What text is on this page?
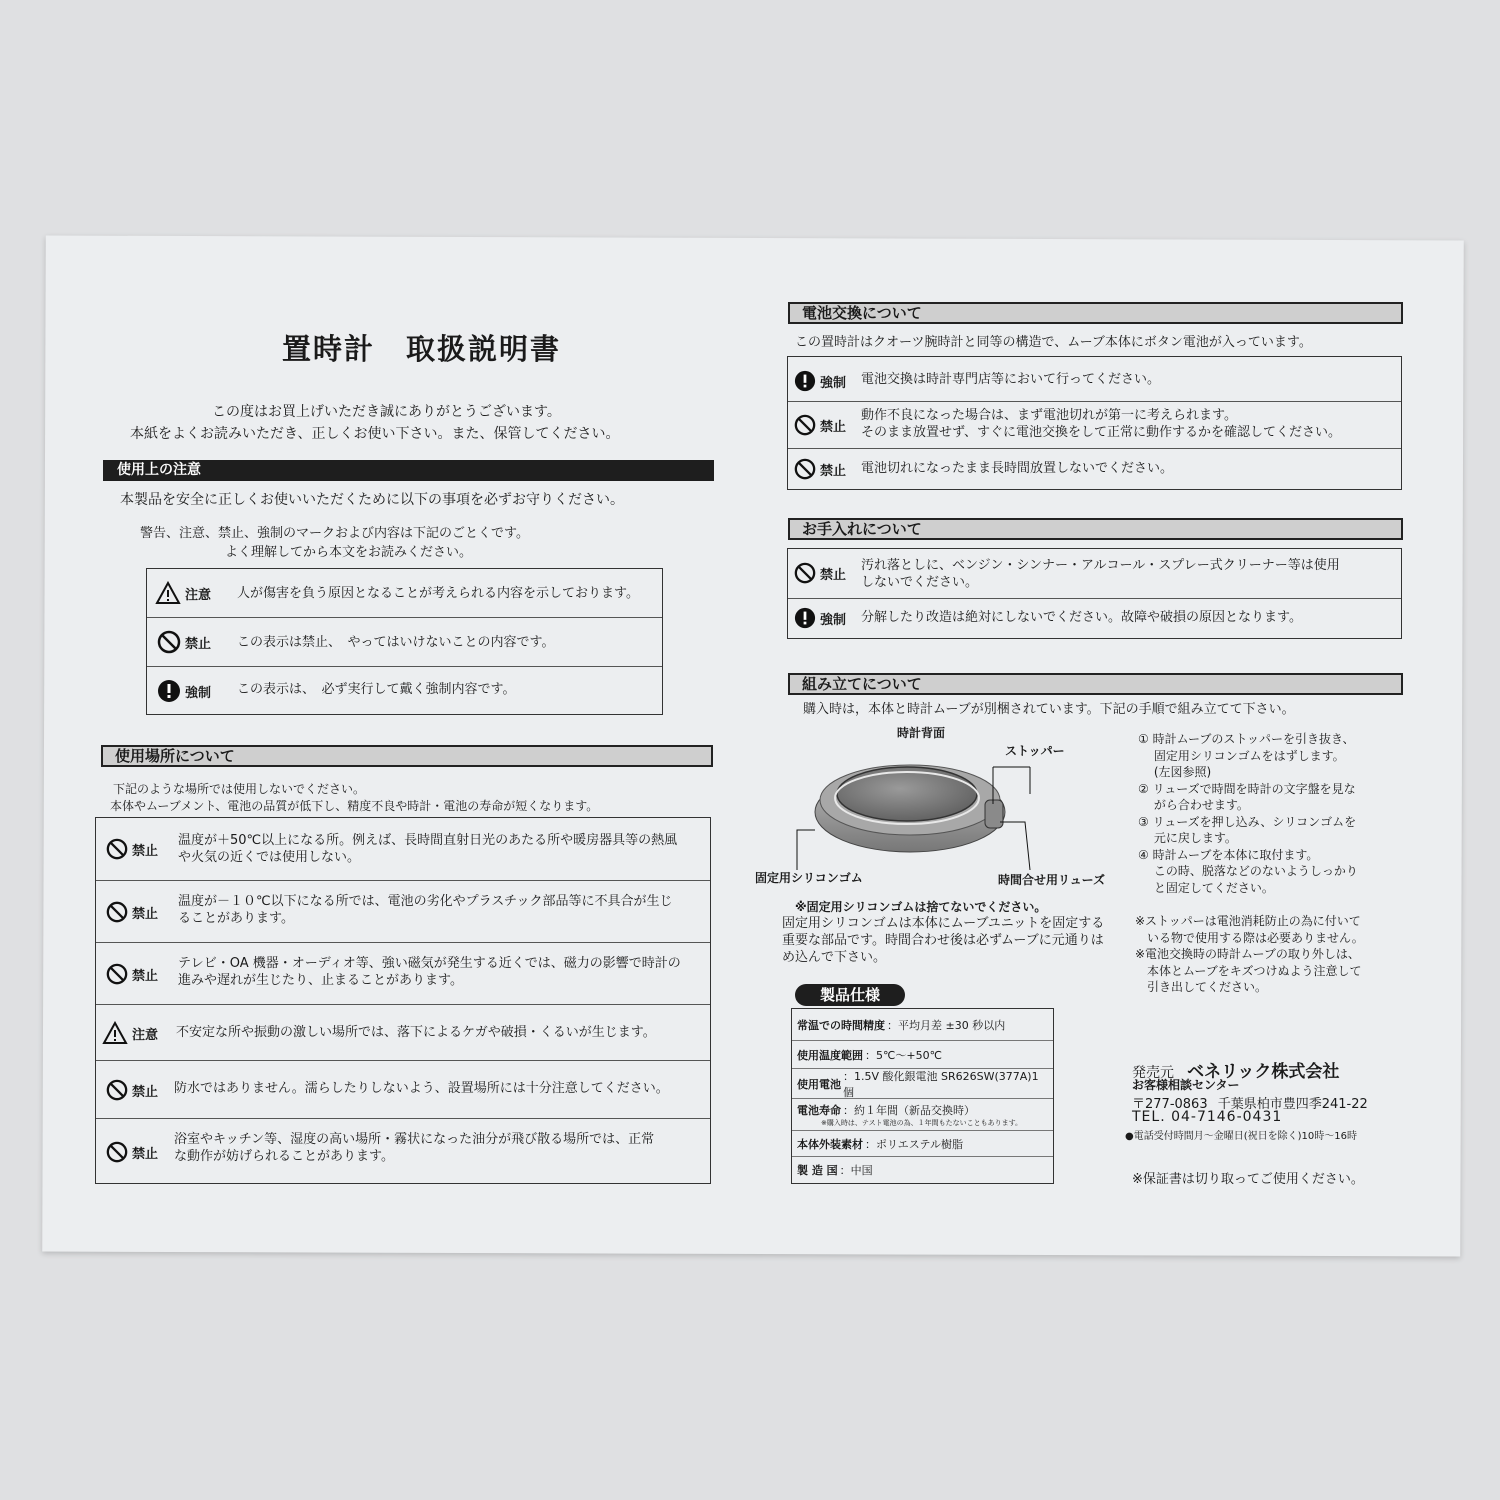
置時計　取扱説明書
この度はお買上げいただき誠にありがとうございます。
本紙をよくお読みいただき、正しくお使い下さい。また、保管してください。
使用上の注意
本製品を安全に正しくお使いいただくために以下の事項を必ずお守りください。
警告、注意、禁止、強制のマークおよび内容は下記のごとくです。
よく理解してから本文をお読みください。
注意 人が傷害を負う原因となることが考えられる内容を示しております。
禁止 この表示は禁止、　やってはいけないことの内容です。
強制 この表示は、　必ず実行して戴く強制内容です。
使用場所について
下記のような場所では使用しないでください。
本体やムーブメント、電池の品質が低下し、精度不良や時計・電池の寿命が短くなります。
禁止
温度が＋50℃以上になる所。例えば、長時間直射日光のあたる所や暖房器具等の熱風
や火気の近くでは使用しない。
禁止
温度が－１０℃以下になる所では、電池の劣化やプラスチック部品等に不具合が生じ
ることがあります。
禁止
テレビ・OA 機器・オーディオ等、強い磁気が発生する近くでは、磁力の影響で時計の
進みや遅れが生じたり、止まることがあります。
注意 不安定な所や振動の激しい場所では、落下によるケガや破損・くるいが生じます。
禁止 防水ではありません。濡らしたりしないよう、設置場所には十分注意してください。
禁止
浴室やキッチン等、湿度の高い場所・霧状になった油分が飛び散る場所では、正常
な動作が妨げられることがあります。
電池交換について
この置時計はクオーツ腕時計と同等の構造で、ムーブ本体にボタン電池が入っています。
強制 電池交換は時計専門店等において行ってください。
禁止
動作不良になった場合は、まず電池切れが第一に考えられます。
そのまま放置せず、すぐに電池交換をして正常に動作するかを確認してください。
禁止 電池切れになったまま長時間放置しないでください。
お手入れについて
禁止
汚れ落としに、ベンジン・シンナー・アルコール・スプレー式クリーナー等は使用
しないでください。
強制 分解したり改造は絶対にしないでください。故障や破損の原因となります。
組み立てについて
購入時は，本体と時計ムーブが別梱されています。下記の手順で組み立てて下さい。
時計背面
ストッパー
固定用シリコンゴム	時間合せ用リューズ
※固定用シリコンゴムは捨てないでください。
固定用シリコンゴムは本体にムーブユニットを固定する
重要な部品です。時間合わせ後は必ずムーブに元通りは
め込んで下さい。
① 時計ムーブのストッパーを引き抜き、
　 固定用シリコンゴムをはずします。
　 (左図参照)
② リューズで時間を時計の文字盤を見な
　 がら合わせます。
③ リューズを押し込み、シリコンゴムを
　 元に戻します。
④ 時計ムーブを本体に取付ます。
　 この時、脱落などのないようしっかり
　 と固定してください。
※ストッパーは電池消耗防止の為に付いて
　いる物で使用する際は必要ありません。
※電池交換時の時計ムーブの取り外しは、
　本体とムーブをキズつけぬよう注意して
　引き出してください。
製品仕様
常温での時間精度 ：平均月差 ±30 秒以内
使用温度範囲 ：5℃～+50℃
使用電池
：1.5V 酸化銀電池 SR626SW(377A)1 個
電池寿命 ：約１年間（新品交換時）
※購入時は、テスト電池の為、１年間もたないこともあります。
本体外装素材 ：ポリエステル樹脂
製 造 国 ：中国
発売元 ベネリック株式会社
お客様相談センター
〒277-0863 千葉県柏市豊四季241-22
TEL. 04-7146-0431
●電話受付時間月～金曜日(祝日を除く)10時～16時
※保証書は切り取ってご使用ください。
